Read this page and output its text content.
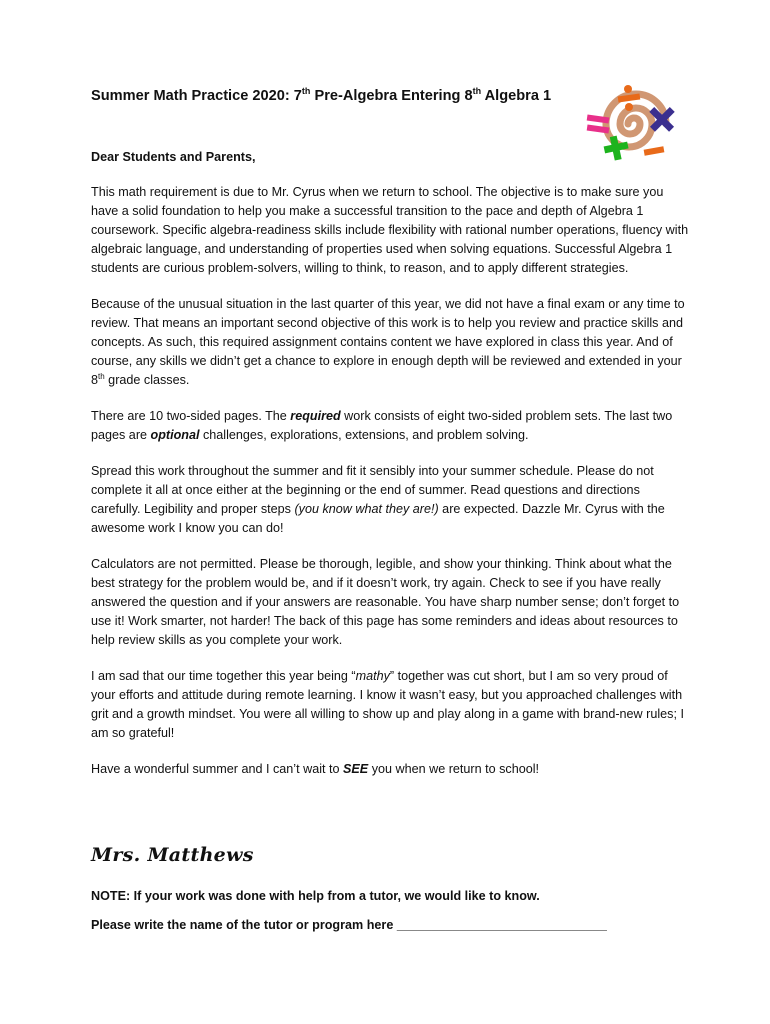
Summer Math Practice 2020: 7th Pre-Algebra Entering 8th Algebra 1
Dear Students and Parents,

This math requirement is due to Mr. Cyrus when we return to school. The objective is to make sure you have a solid foundation to help you make a successful transition to the pace and depth of Algebra 1 coursework. Specific algebra-readiness skills include flexibility with rational number operations, fluency with algebraic language, and understanding of properties used when solving equations. Successful Algebra 1 students are curious problem-solvers, willing to think, to reason, and to apply different strategies.

Because of the unusual situation in the last quarter of this year, we did not have a final exam or any time to review. That means an important second objective of this work is to help you review and practice skills and concepts. As such, this required assignment contains content we have explored in class this year. And of course, any skills we didn’t get a chance to explore in enough depth will be reviewed and extended in your 8th grade classes.

There are 10 two-sided pages. The required work consists of eight two-sided problem sets. The last two pages are optional challenges, explorations, extensions, and problem solving.

Spread this work throughout the summer and fit it sensibly into your summer schedule. Please do not complete it all at once either at the beginning or the end of summer. Read questions and directions carefully. Legibility and proper steps (you know what they are!) are expected. Dazzle Mr. Cyrus with the awesome work I know you can do!

Calculators are not permitted. Please be thorough, legible, and show your thinking. Think about what the best strategy for the problem would be, and if it doesn’t work, try again. Check to see if you have really answered the question and if your answers are reasonable. You have sharp number sense; don’t forget to use it! Work smarter, not harder! The back of this page has some reminders and ideas about resources to help review skills as you complete your work.

I am sad that our time together this year being “mathy” together was cut short, but I am so very proud of your efforts and attitude during remote learning. I know it wasn’t easy, but you approached challenges with grit and a growth mindset. You were all willing to show up and play along in a game with brand-new rules; I am so grateful!

Have a wonderful summer and I can’t wait to SEE you when we return to school!

Mrs. Matthews
NOTE: If your work was done with help from a tutor, we would like to know.
Please write the name of the tutor or program here ______________________________
